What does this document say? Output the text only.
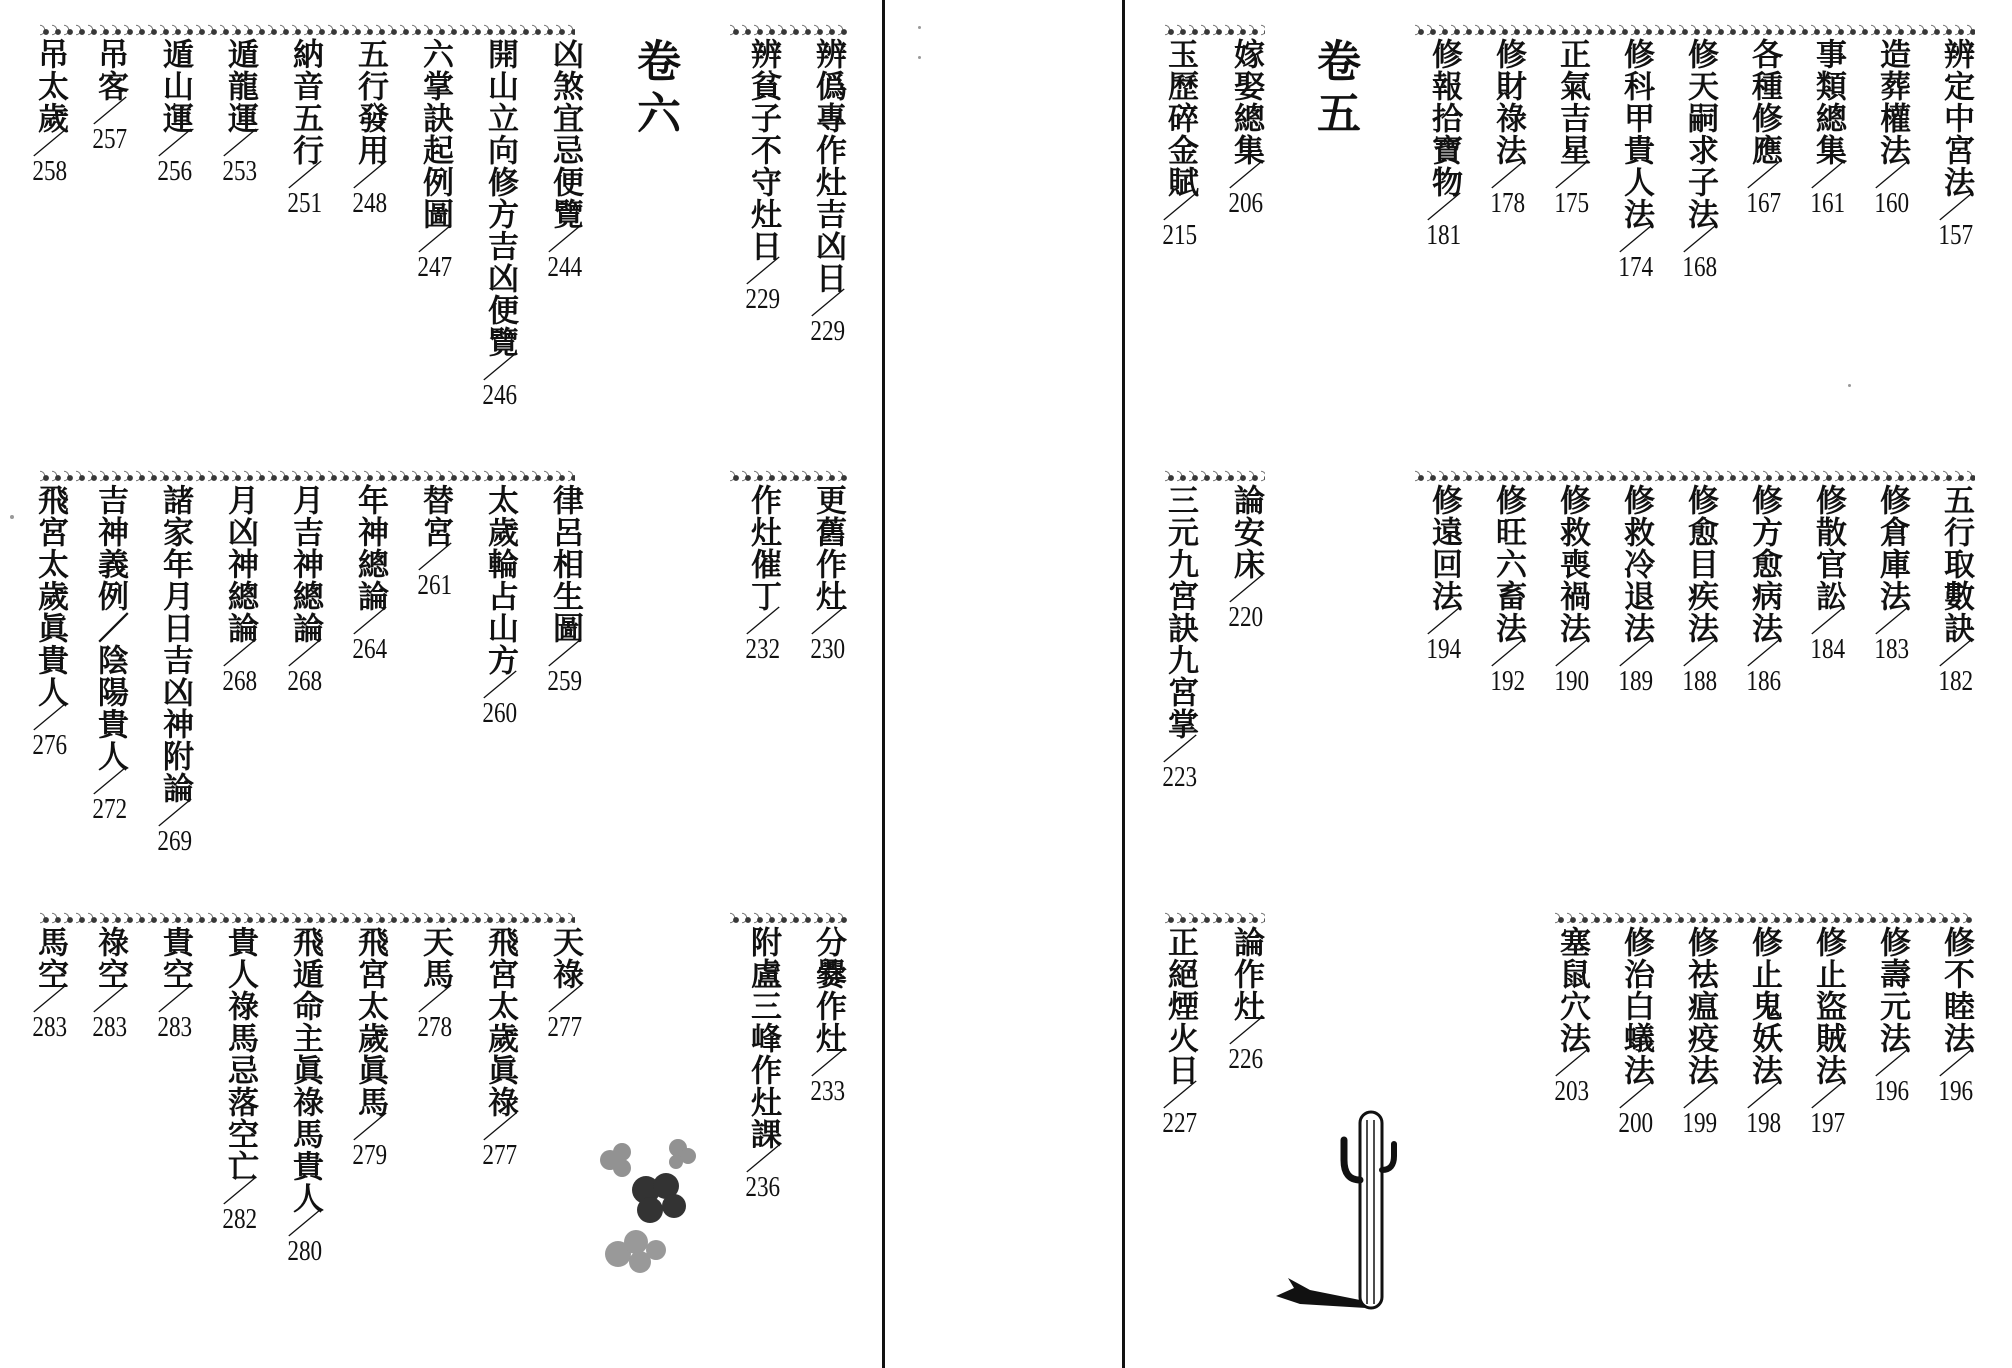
卷六	辨僞專作灶吉凶日
／
229
辨貧子不守灶日
／
229
凶煞宜忌便覽
／
244
開山立向修方吉凶便覽
／
246
六掌訣起例圖
／
247
五行發用
／
248
納音五行
／
251
遁龍運
／
253
遁山運
／
256
吊客
／
257
吊太歲
／
258
更舊作灶
／
230
作灶催丁
／
232
律呂相生圖
／
259
太歲輪占山方
／
260
替宮
／
261
年神總論
／
264
月吉神總論
／
268
月凶神總論
／
268
諸家年月日吉凶神附論
／
269
吉神義例／陰陽貴人
／
272
飛宮太歲眞貴人
／
276
分爨作灶
／
233
附盧三峰作灶課
／
236
天祿
／
277
飛宮太歲眞祿
／
277
天馬
／
278
飛宮太歲眞馬
／
279
飛遁命主眞祿馬貴人
／
280
貴人祿馬忌落空亡
／
282
貴空
／
283
祿空
／
283
馬空
／
283
卷五	辨定中宮法
／
157
造葬權法
／
160
事類總集
／
161
各種修應
／
167
修天嗣求子法
／
168
修科甲貴人法
／
174
正氣吉星
／
175
修財祿法
／
178
修報拾寶物
／
181
嫁娶總集
／
206
玉歷碎金賦
／
215
五行取數訣
／
182
修倉庫法
／
183
修散官訟
／
184
修方愈病法
／
186
修愈目疾法
／
188
修救冷退法
／
189
修救喪禍法
／
190
修旺六畜法
／
192
修遠回法
／
194
論安床
／
220
三元九宮訣九宮掌
／
223
修不睦法
／
196
修壽元法
／
196
修止盜賊法
／
197
修止鬼妖法
／
198
修祛瘟疫法
／
199
修治白蟻法
／
200
塞鼠穴法
／
203
論作灶
／
226
正絕煙火日
／
227
